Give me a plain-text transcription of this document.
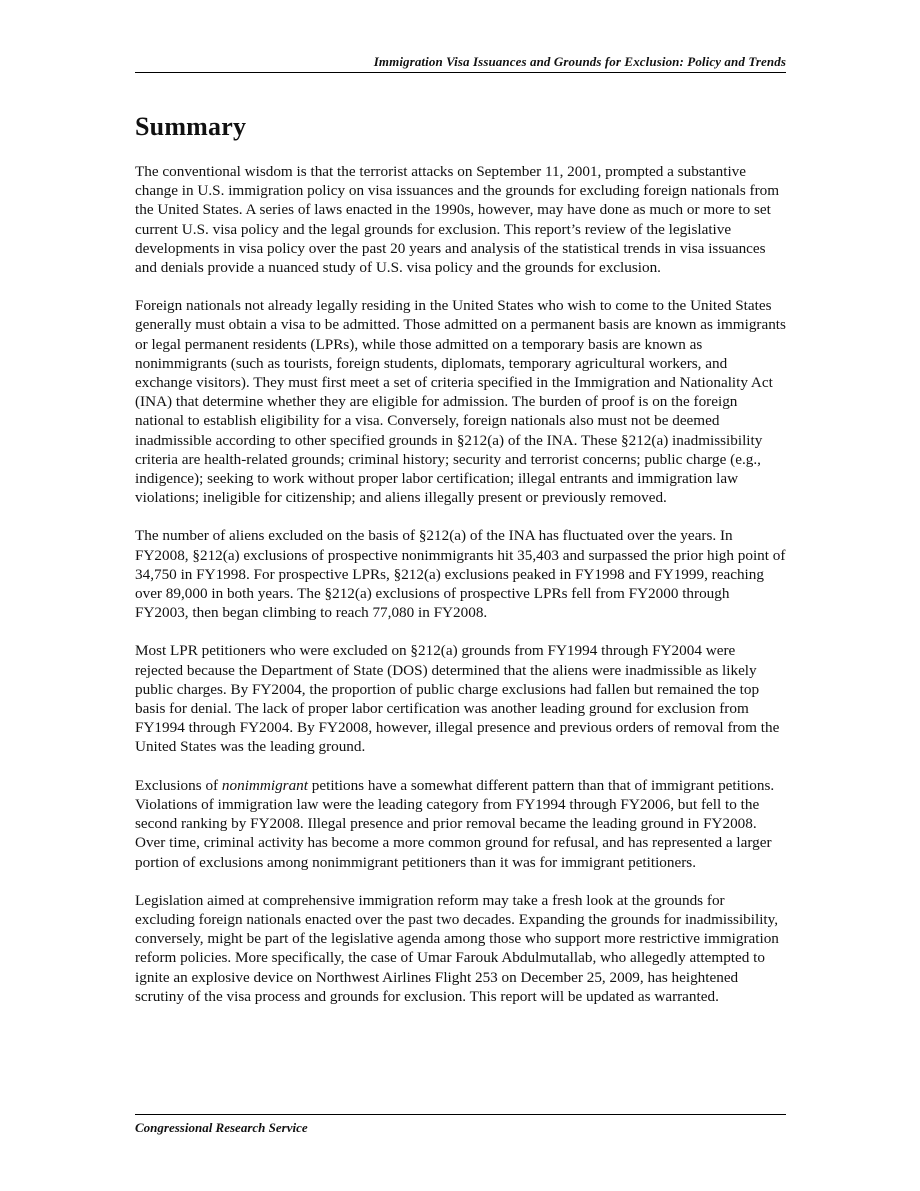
Immigration Visa Issuances and Grounds for Exclusion: Policy and Trends
Summary

The conventional wisdom is that the terrorist attacks on September 11, 2001, prompted a substantive change in U.S. immigration policy on visa issuances and the grounds for excluding foreign nationals from the United States. A series of laws enacted in the 1990s, however, may have done as much or more to set current U.S. visa policy and the legal grounds for exclusion. This report’s review of the legislative developments in visa policy over the past 20 years and analysis of the statistical trends in visa issuances and denials provide a nuanced study of U.S. visa policy and the grounds for exclusion.

Foreign nationals not already legally residing in the United States who wish to come to the United States generally must obtain a visa to be admitted. Those admitted on a permanent basis are known as immigrants or legal permanent residents (LPRs), while those admitted on a temporary basis are known as nonimmigrants (such as tourists, foreign students, diplomats, temporary agricultural workers, and exchange visitors). They must first meet a set of criteria specified in the Immigration and Nationality Act (INA) that determine whether they are eligible for admission. The burden of proof is on the foreign national to establish eligibility for a visa. Conversely, foreign nationals also must not be deemed inadmissible according to other specified grounds in §212(a) of the INA. These §212(a) inadmissibility criteria are health-related grounds; criminal history; security and terrorist concerns; public charge (e.g., indigence); seeking to work without proper labor certification; illegal entrants and immigration law violations; ineligible for citizenship; and aliens illegally present or previously removed.

The number of aliens excluded on the basis of §212(a) of the INA has fluctuated over the years. In FY2008, §212(a) exclusions of prospective nonimmigrants hit 35,403 and surpassed the prior high point of 34,750 in FY1998. For prospective LPRs, §212(a) exclusions peaked in FY1998 and FY1999, reaching over 89,000 in both years. The §212(a) exclusions of prospective LPRs fell from FY2000 through FY2003, then began climbing to reach 77,080 in FY2008.

Most LPR petitioners who were excluded on §212(a) grounds from FY1994 through FY2004 were rejected because the Department of State (DOS) determined that the aliens were inadmissible as likely public charges. By FY2004, the proportion of public charge exclusions had fallen but remained the top basis for denial. The lack of proper labor certification was another leading ground for exclusion from FY1994 through FY2004. By FY2008, however, illegal presence and previous orders of removal from the United States was the leading ground.

Exclusions of nonimmigrant petitions have a somewhat different pattern than that of immigrant petitions. Violations of immigration law were the leading category from FY1994 through FY2006, but fell to the second ranking by FY2008. Illegal presence and prior removal became the leading ground in FY2008. Over time, criminal activity has become a more common ground for refusal, and has represented a larger portion of exclusions among nonimmigrant petitioners than it was for immigrant petitioners.

Legislation aimed at comprehensive immigration reform may take a fresh look at the grounds for excluding foreign nationals enacted over the past two decades. Expanding the grounds for inadmissibility, conversely, might be part of the legislative agenda among those who support more restrictive immigration reform policies. More specifically, the case of Umar Farouk Abdulmutallab, who allegedly attempted to ignite an explosive device on Northwest Airlines Flight 253 on December 25, 2009, has heightened scrutiny of the visa process and grounds for exclusion. This report will be updated as warranted.

Congressional Research Service
